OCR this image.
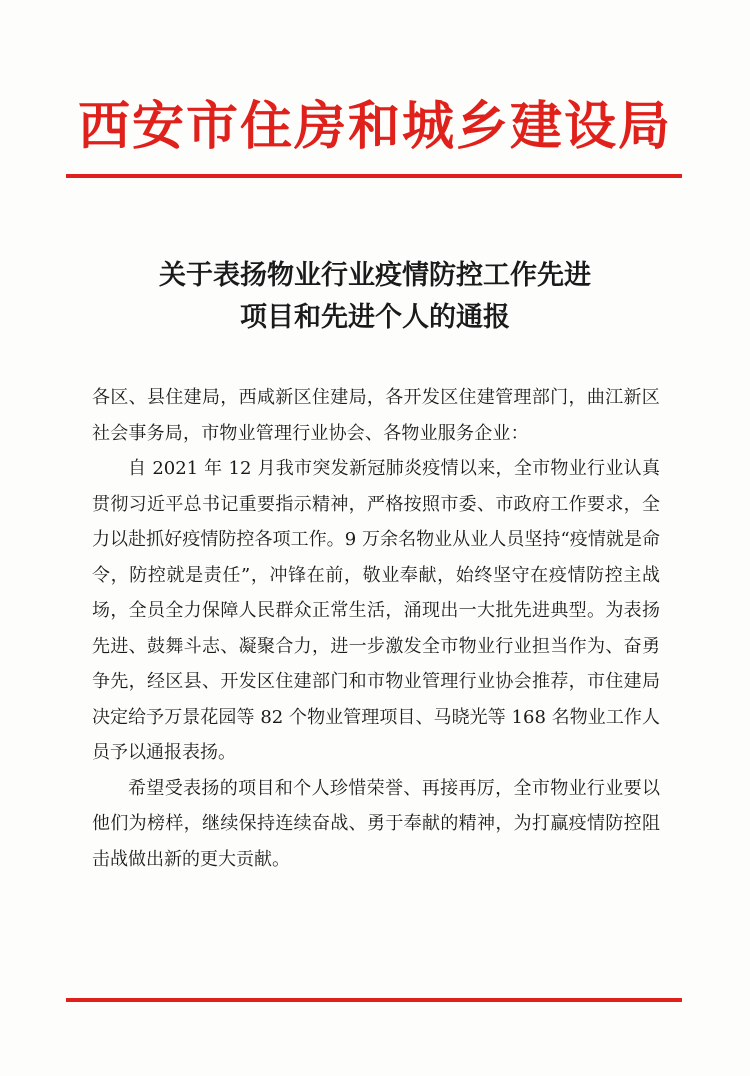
西安市住房和城乡建设局
关于表扬物业行业疫情防控工作先进
项目和先进个人的通报

各区、县住建局，西咸新区住建局，各开发区住建管理部门，曲江新区社会事务局，市物业管理行业协会、各物业服务企业：

自 2021 年 12 月我市突发新冠肺炎疫情以来，全市物业行业认真贯彻习近平总书记重要指示精神，严格按照市委、市政府工作要求，全力以赴抓好疫情防控各项工作。9 万余名物业从业人员坚持“疫情就是命令，防控就是责任”，冲锋在前，敬业奉献，始终坚守在疫情防控主战场，全员全力保障人民群众正常生活，涌现出一大批先进典型。为表扬先进、鼓舞斗志、凝聚合力，进一步激发全市物业行业担当作为、奋勇争先，经区县、开发区住建部门和市物业管理行业协会推荐，市住建局决定给予万景花园等 82 个物业管理项目、马晓光等 168 名物业工作人员予以通报表扬。

希望受表扬的项目和个人珍惜荣誉、再接再厉，全市物业行业要以他们为榜样，继续保持连续奋战、勇于奉献的精神，为打赢疫情防控阻击战做出新的更大贡献。
